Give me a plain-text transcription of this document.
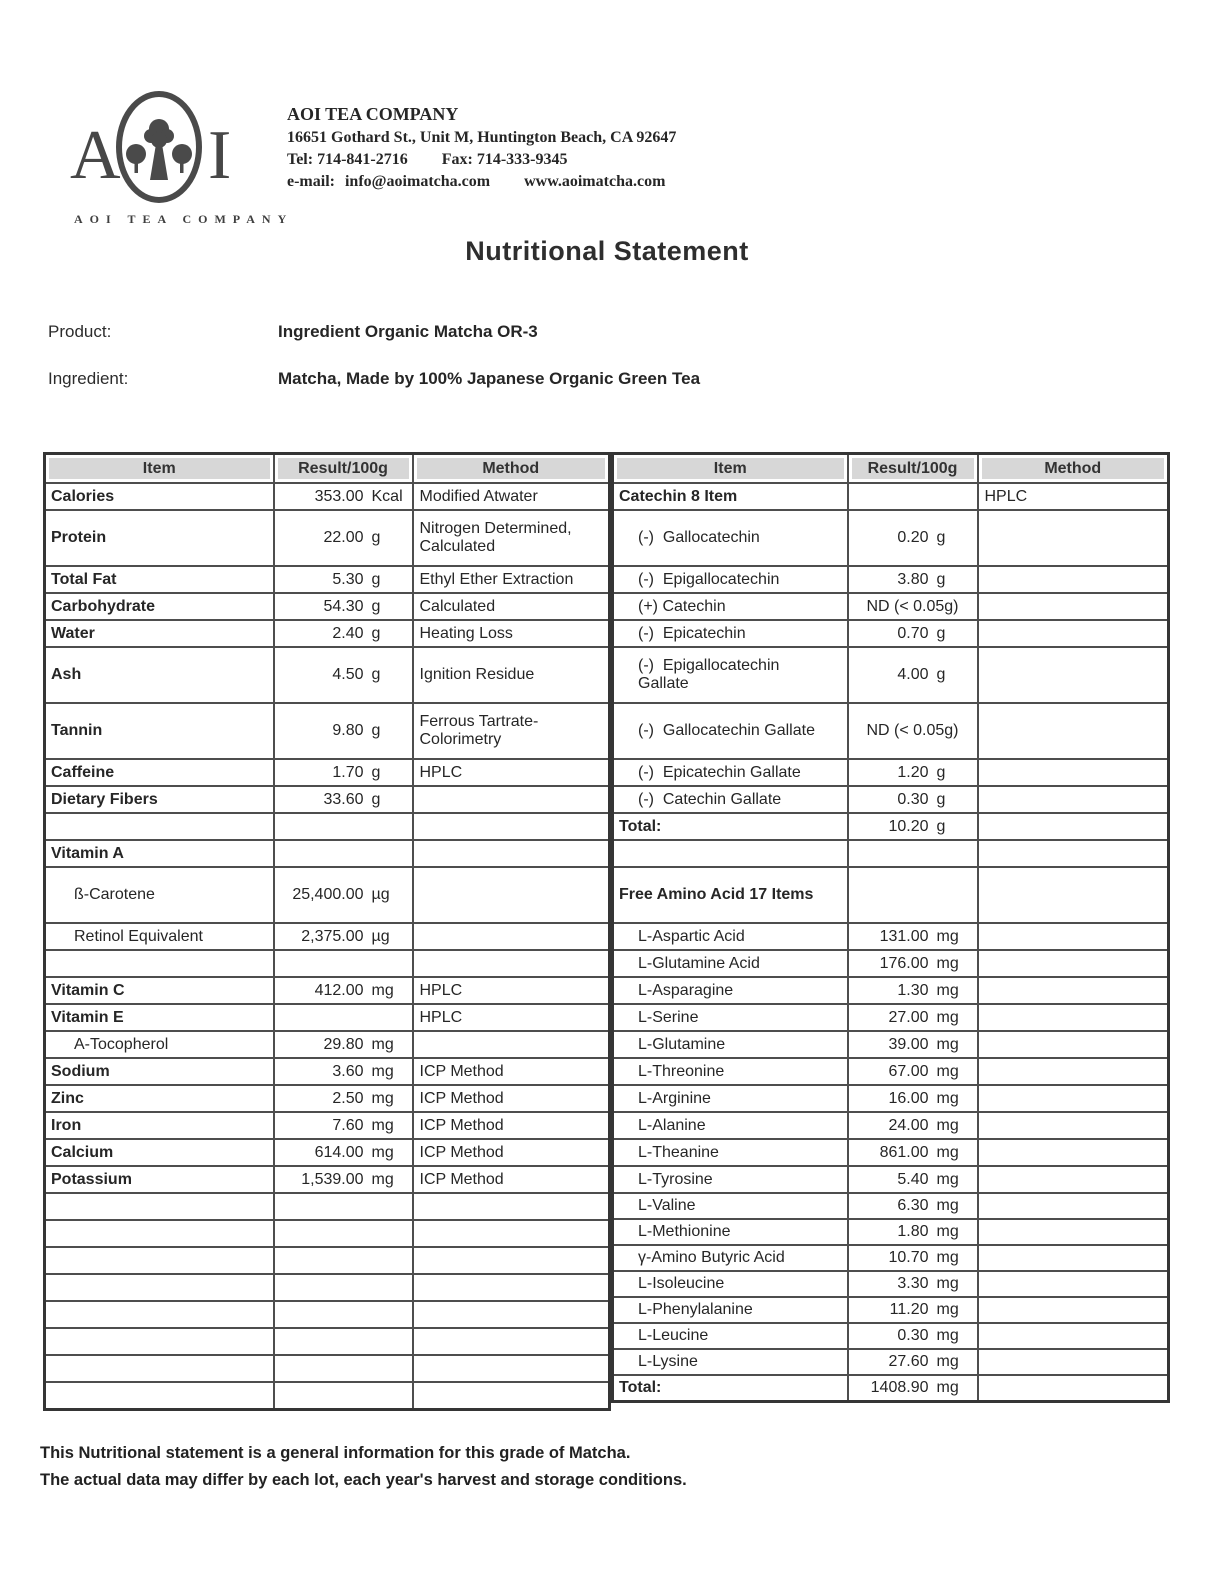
A I
AOI TEA COMPANY
AOI TEA COMPANY
16651 Gothard St., Unit M, Huntington Beach, CA 92647
Tel: 714-841-2716 Fax: 714-333-9345
e-mail: info@aoimatcha.com www.aoimatcha.com
Nutritional Statement
Product:	Ingredient Organic Matcha OR-3
Ingredient:	Matcha, Made by 100% Japanese Organic Green Tea
Item	Result/100g	Method
Calories	353.00 Kcal	Modified Atwater
Protein	22.00 g	Nitrogen Determined, Calculated
Total Fat	5.30 g	Ethyl Ether Extraction
Carbohydrate	54.30 g	Calculated
Water	2.40 g	Heating Loss
Ash	4.50 g	Ignition Residue
Tannin	9.80 g	Ferrous Tartrate-Colorimetry
Caffeine	1.70 g	HPLC
Dietary Fibers	33.60 g	

Vitamin A		
ß-Carotene	25,400.00 µg	

Retinol Equivalent	2,375.00 µg	

Vitamin C	412.00 mg	HPLC
Vitamin E		HPLC
A-Tocopherol	29.80 mg	

Sodium	3.60 mg	ICP Method
Zinc	2.50 mg	ICP Method
Iron	7.60 mg	ICP Method
Calcium	614.00 mg	ICP Method
Potassium	1,539.00 mg	ICP Method

Item	Result/100g	Method
Catechin 8 Item		HPLC
(-)  Gallocatechin	0.20 g	

(-)  Epigallocatechin	3.80 g	

(+) Catechin	ND (< 0.05g)	

(-)  Epicatechin	0.70 g	

(-)  Epigallocatechin Gallate	4.00 g	

(-)  Gallocatechin Gallate	ND (< 0.05g)	

(-)  Epicatechin Gallate	1.20 g	

(-)  Catechin Gallate	0.30 g	

Total:	10.20 g	

Free Amino Acid 17 Items		
L-Aspartic Acid	131.00 mg	

L-Glutamine Acid	176.00 mg	

L-Asparagine	1.30 mg	

L-Serine	27.00 mg	

L-Glutamine	39.00 mg	

L-Threonine	67.00 mg	

L-Arginine	16.00 mg	

L-Alanine	24.00 mg	

L-Theanine	861.00 mg	

L-Tyrosine	5.40 mg	

L-Valine	6.30 mg	

L-Methionine	1.80 mg	

γ-Amino Butyric Acid	10.70 mg	

L-Isoleucine	3.30 mg	

L-Phenylalanine	11.20 mg	

L-Leucine	0.30 mg	

L-Lysine	27.60 mg	

Total:	1408.90 mg	

This Nutritional statement is a general information for this grade of Matcha.
The actual data may differ by each lot, each year's harvest and storage conditions.
